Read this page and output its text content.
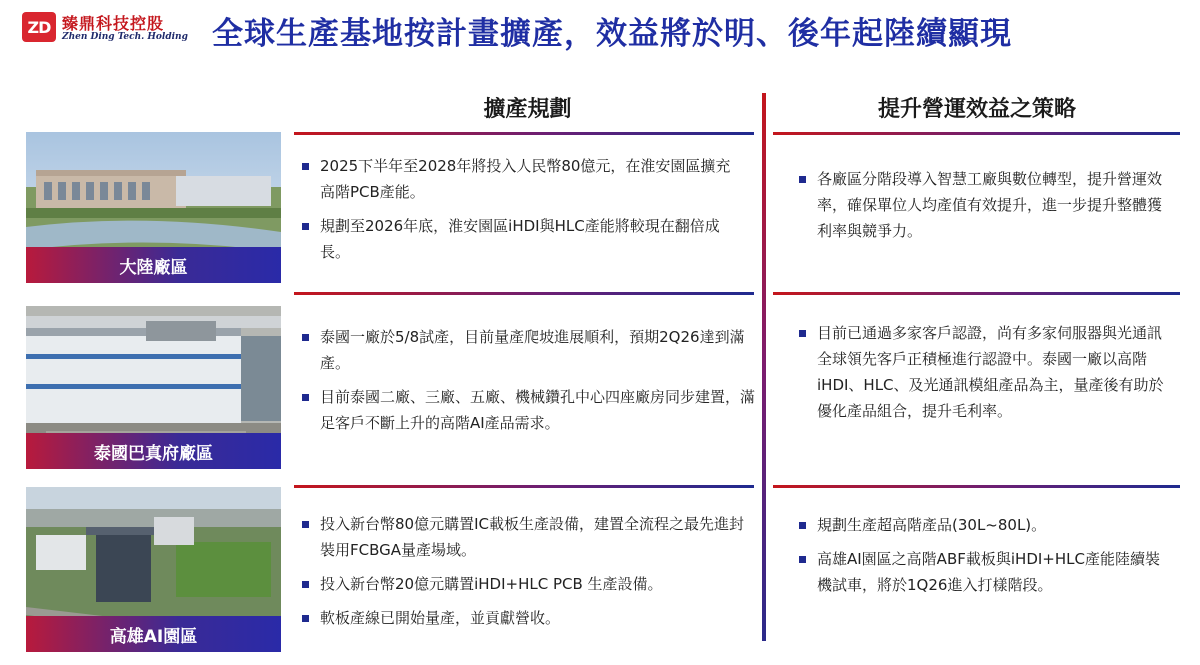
ZD 臻鼎科技控股
Zhen Ding Tech. Holding 全球生產基地按計畫擴產，效益將於明、後年起陸續顯現
擴產規劃	提升營運效益之策略
大陸廠區
泰國巴真府廠區
高雄AI園區
2025下半年至2028年將投入人民幣80億元，在淮安園區擴充高階PCB產能。
規劃至2026年底，淮安園區iHDI與HLC產能將較現在翻倍成長。
各廠區分階段導入智慧工廠與數位轉型，提升營運效率，確保單位人均產值有效提升，進一步提升整體獲利率與競爭力。
泰國一廠於5/8試產，目前量產爬坡進展順利，預期2Q26達到滿產。
目前泰國二廠、三廠、五廠、機械鑽孔中心四座廠房同步建置，滿足客戶不斷上升的高階AI產品需求。
目前已通過多家客戶認證，尚有多家伺服器與光通訊全球領先客戶正積極進行認證中。泰國一廠以高階iHDI、HLC、及光通訊模組產品為主，量產後有助於優化產品組合，提升毛利率。
投入新台幣80億元購置IC載板生產設備，建置全流程之最先進封裝用FCBGA量產場域。
投入新台幣20億元購置iHDI+HLC PCB 生產設備。
軟板產線已開始量產，並貢獻營收。
規劃生產超高階產品(30L~80L)。
高雄AI園區之高階ABF載板與iHDI+HLC產能陸續裝機試車，將於1Q26進入打樣階段。
